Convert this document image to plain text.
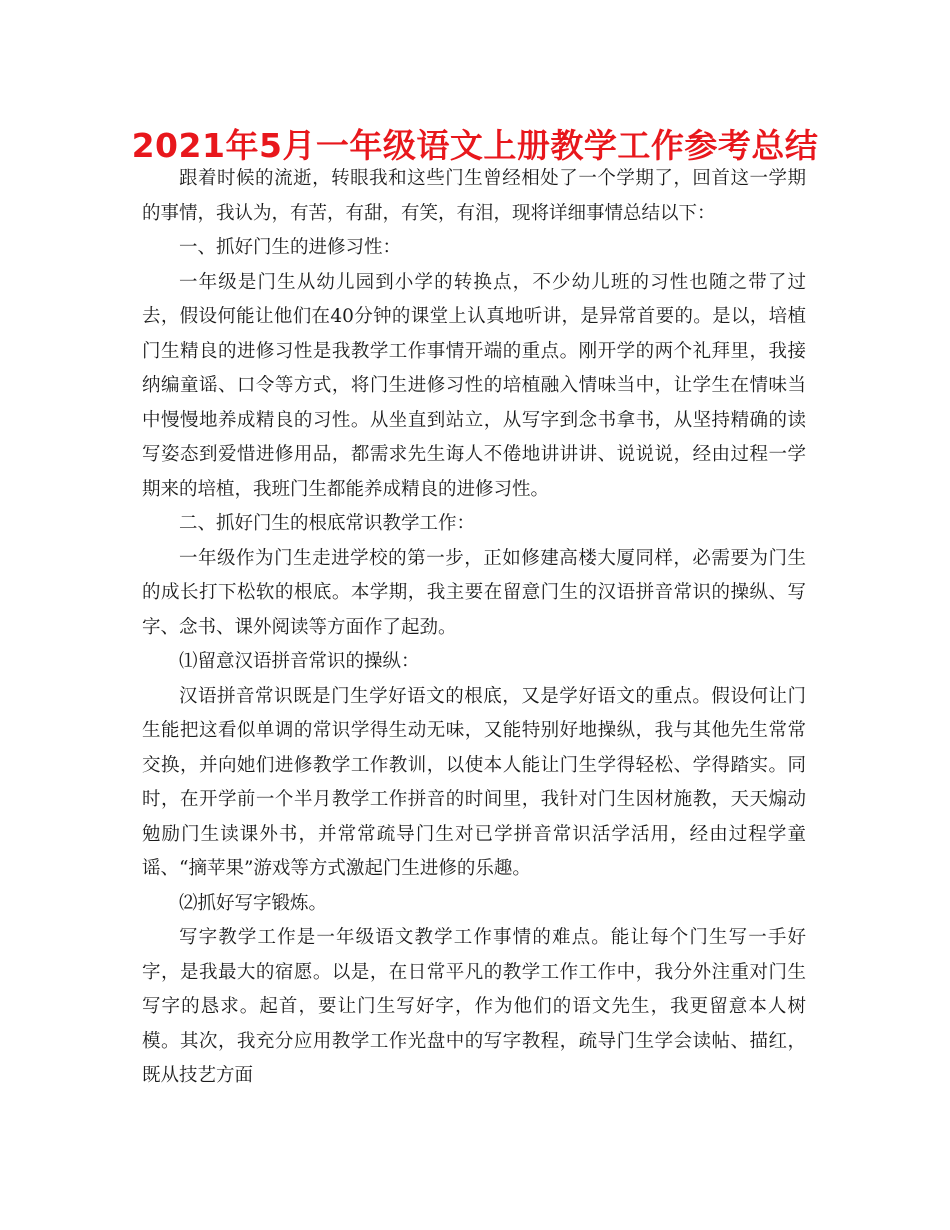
2021年5月一年级语文上册教学工作参考总结

跟着时候的流逝，转眼我和这些门生曾经相处了一个学期了，回首这一学期的事情，我认为，有苦，有甜，有笑，有泪，现将详细事情总结以下：

一、抓好门生的进修习性：

一年级是门生从幼儿园到小学的转换点，不少幼儿班的习性也随之带了过去，假设何能让他们在40分钟的课堂上认真地听讲，是异常首要的。是以，培植门生精良的进修习性是我教学工作事情开端的重点。刚开学的两个礼拜里，我接纳编童谣、口令等方式，将门生进修习性的培植融入情味当中，让学生在情味当中慢慢地养成精良的习性。从坐直到站立，从写字到念书拿书，从坚持精确的读写姿态到爱惜进修用品，都需求先生诲人不倦地讲讲讲、说说说，经由过程一学期来的培植，我班门生都能养成精良的进修习性。

二、抓好门生的根底常识教学工作：

一年级作为门生走进学校的第一步，正如修建高楼大厦同样，必需要为门生的成长打下松软的根底。本学期，我主要在留意门生的汉语拼音常识的操纵、写字、念书、课外阅读等方面作了起劲。

⑴留意汉语拼音常识的操纵：

汉语拼音常识既是门生学好语文的根底，又是学好语文的重点。假设何让门生能把这看似单调的常识学得生动无味，又能特别好地操纵，我与其他先生常常交换，并向她们进修教学工作教训，以使本人能让门生学得轻松、学得踏实。同时，在开学前一个半月教学工作拼音的时间里，我针对门生因材施教，天天煽动勉励门生读课外书，并常常疏导门生对已学拼音常识活学活用，经由过程学童谣、“摘苹果”游戏等方式激起门生进修的乐趣。

⑵抓好写字锻炼。

写字教学工作是一年级语文教学工作事情的难点。能让每个门生写一手好字，是我最大的宿愿。以是，在日常平凡的教学工作工作中，我分外注重对门生写字的恳求。起首，要让门生写好字，作为他们的语文先生，我更留意本人树模。其次，我充分应用教学工作光盘中的写字教程，疏导门生学会读帖、描红，既从技艺方面
